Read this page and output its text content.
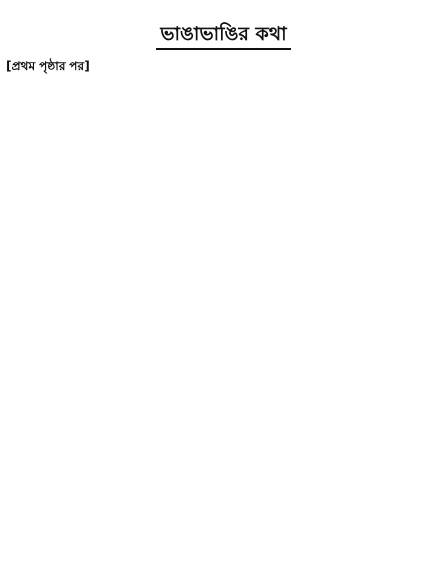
ভাঙাভাঙির কথা
[প্রথম পৃষ্ঠার পর]
